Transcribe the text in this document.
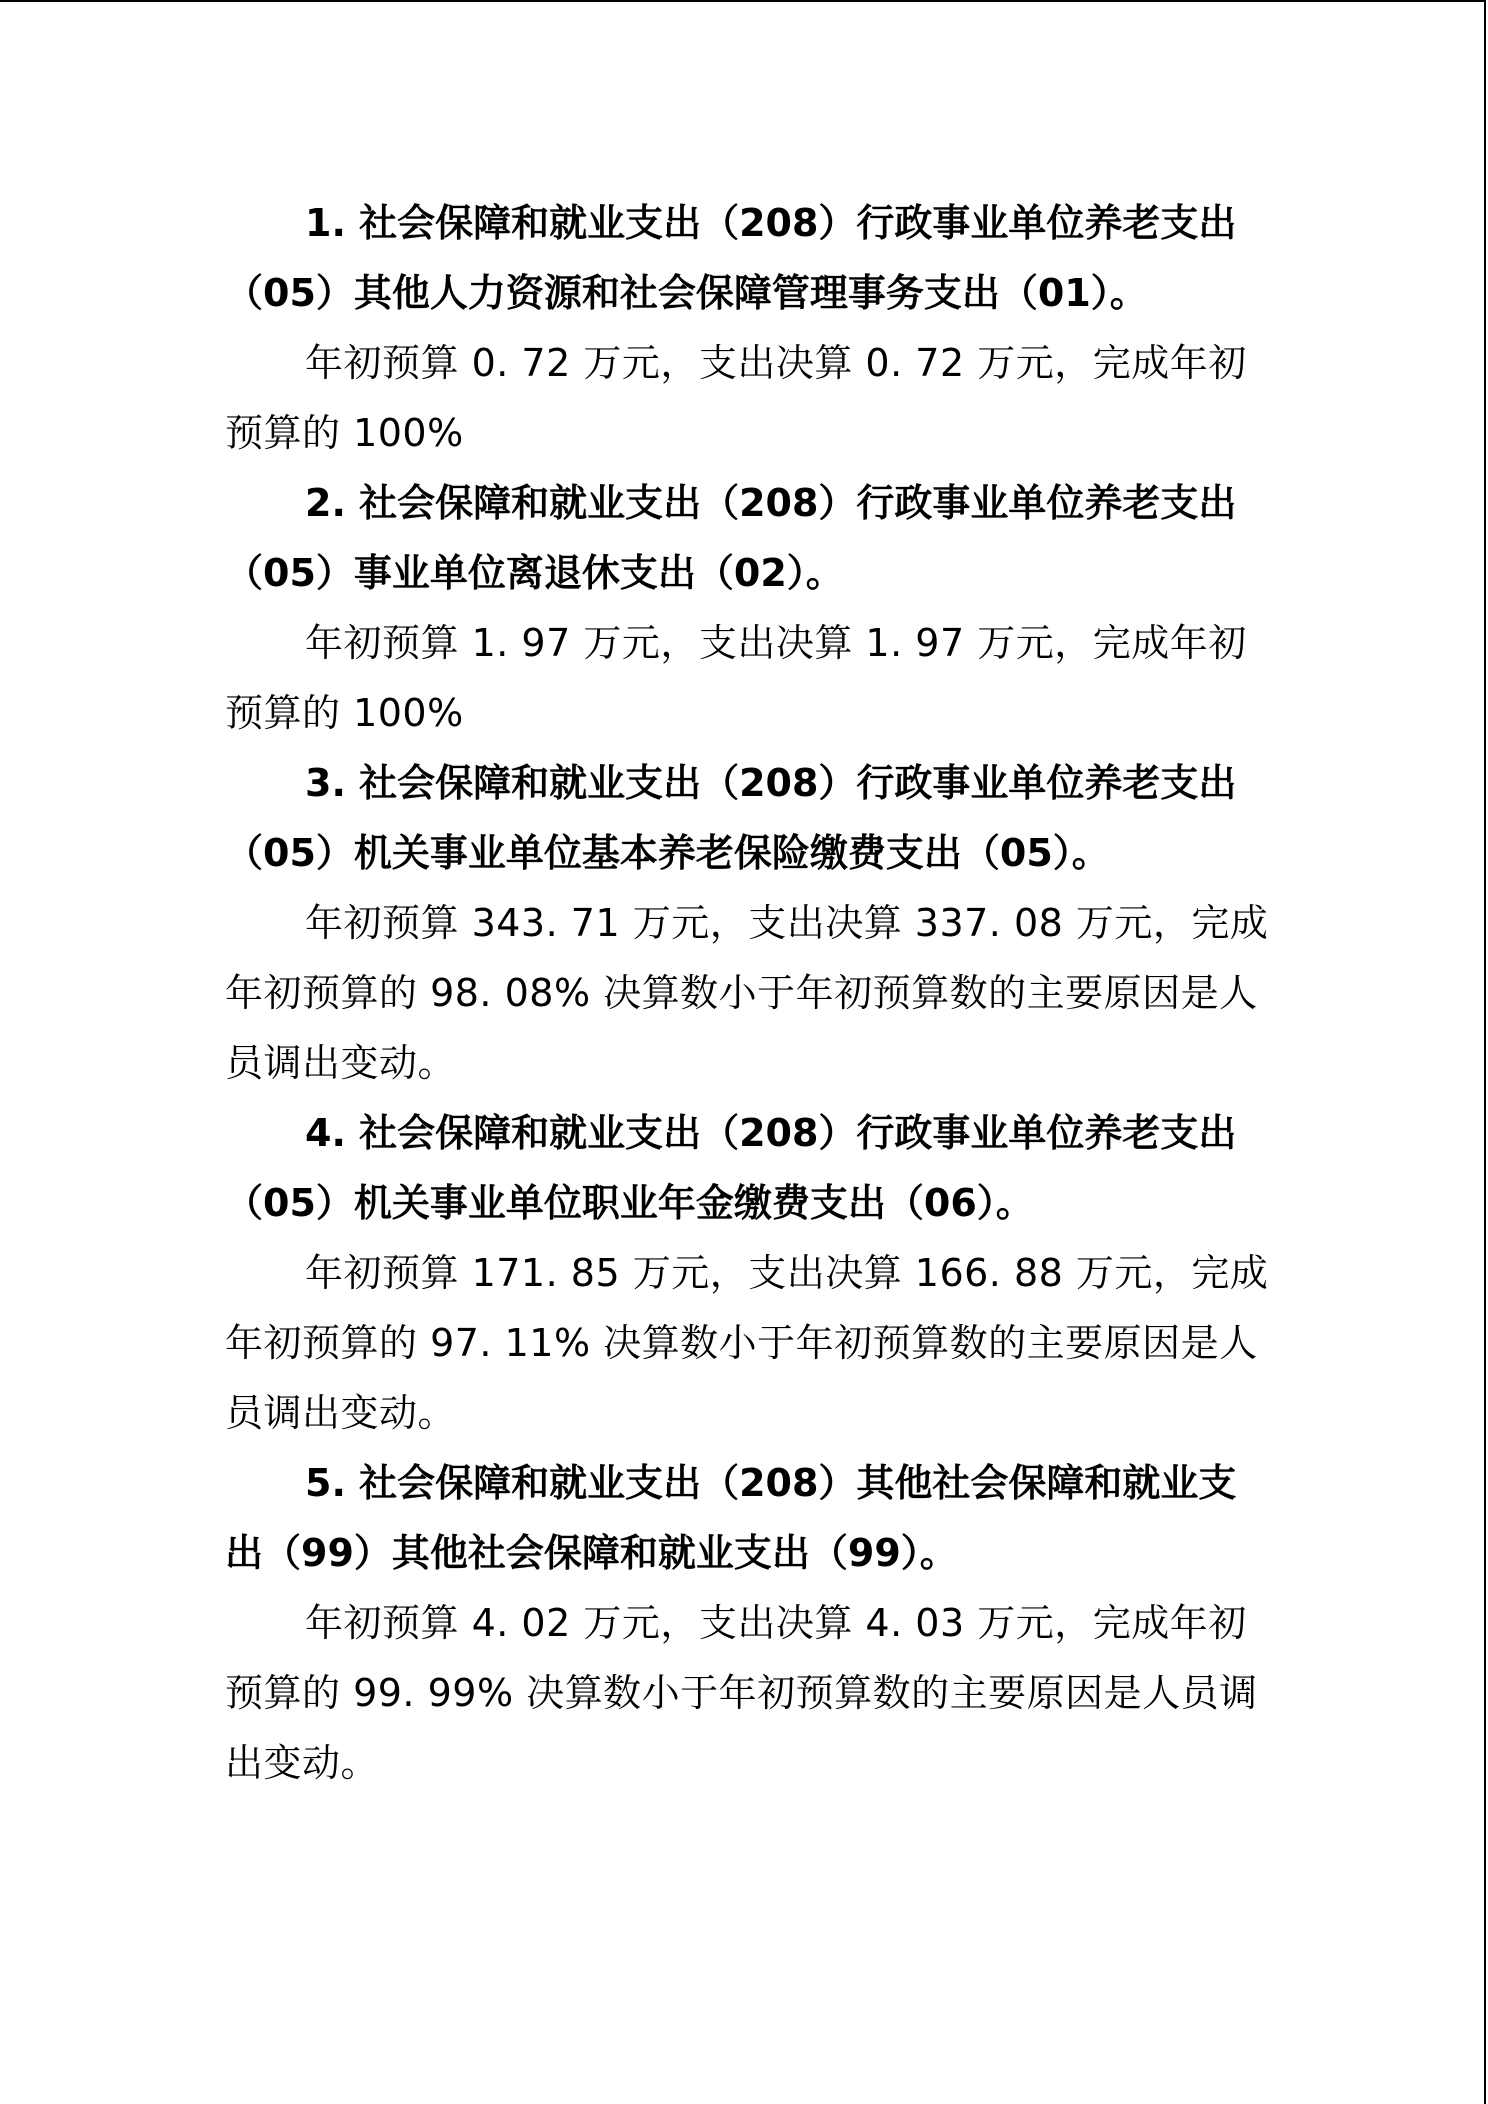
1. 社会保障和就业支出（208）行政事业单位养老支出（05）其他人力资源和社会保障管理事务支出（01）。

年初预算 0. 72 万元，支出决算 0. 72 万元，完成年初预算的 100%

2. 社会保障和就业支出（208）行政事业单位养老支出（05）事业单位离退休支出（02）。

年初预算 1. 97 万元，支出决算 1. 97 万元，完成年初预算的 100%

3. 社会保障和就业支出（208）行政事业单位养老支出（05）机关事业单位基本养老保险缴费支出（05）。

年初预算 343. 71 万元，支出决算 337. 08 万元，完成年初预算的 98. 08% 决算数小于年初预算数的主要原因是人员调出变动。

4. 社会保障和就业支出（208）行政事业单位养老支出（05）机关事业单位职业年金缴费支出（06）。

年初预算 171. 85 万元，支出决算 166. 88 万元，完成年初预算的 97. 11% 决算数小于年初预算数的主要原因是人员调出变动。

5. 社会保障和就业支出（208）其他社会保障和就业支出（99）其他社会保障和就业支出（99）。

年初预算 4. 02 万元，支出决算 4. 03 万元，完成年初预算的 99. 99% 决算数小于年初预算数的主要原因是人员调出变动。
